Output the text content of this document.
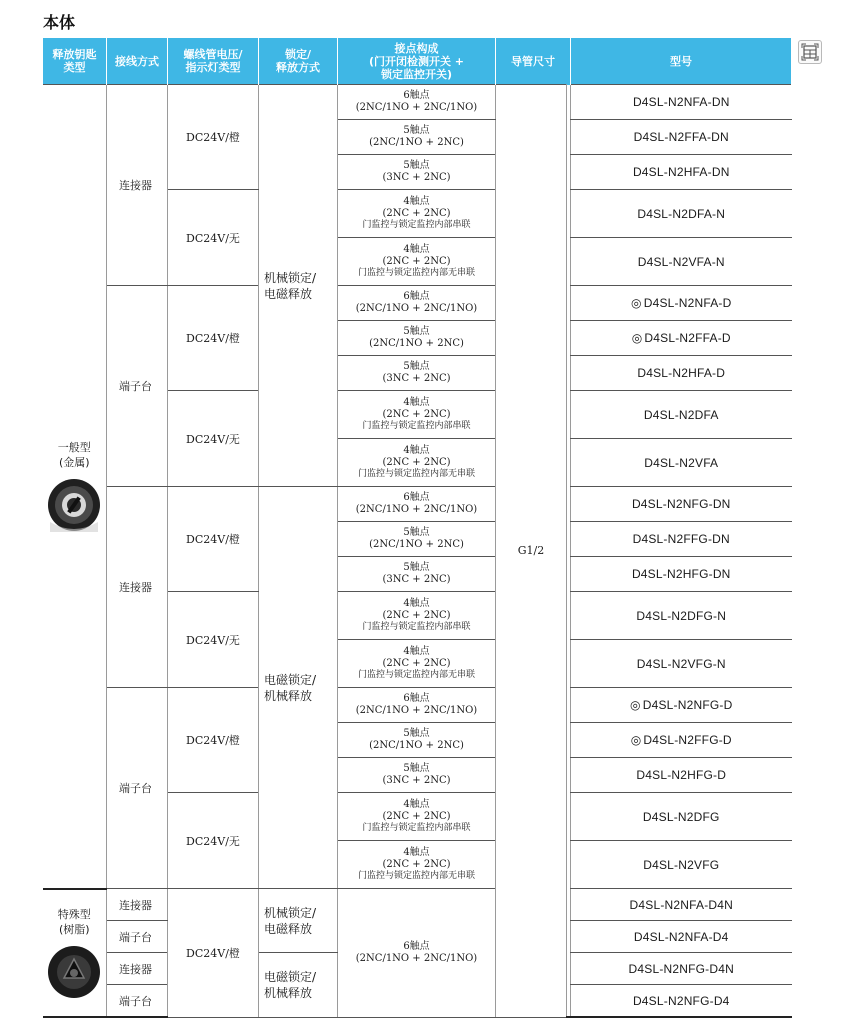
本体
释放钥匙
类型	接线方式	螺线管电压/
指示灯类型	锁定/
释放方式	接点构成
(门开闭检测开关 +
锁定监控开关)	导管尺寸		型号

一般型
(金属)	连接器	DC24V/橙	机械锁定/
电磁释放	6触点
(2NC/1NO + 2NC/1NO)	G1/2		D4SL-N2NFA-DN

				5触点
(2NC/1NO + 2NC)			D4SL-N2FFA-DN

				5触点
(3NC + 2NC)			D4SL-N2HFA-DN

		DC24V/无		4触点
(2NC + 2NC)
门监控与锁定监控内部串联			D4SL-N2DFA-N

				4触点
(2NC + 2NC)
门监控与锁定监控内部无串联			D4SL-N2VFA-N

	端子台	DC24V/橙		6触点
(2NC/1NO + 2NC/1NO)			◎ D4SL-N2NFA-D

				5触点
(2NC/1NO + 2NC)			◎ D4SL-N2FFA-D

				5触点
(3NC + 2NC)			D4SL-N2HFA-D

		DC24V/无		4触点
(2NC + 2NC)
门监控与锁定监控内部串联			D4SL-N2DFA

				4触点
(2NC + 2NC)
门监控与锁定监控内部无串联			D4SL-N2VFA

	连接器	DC24V/橙	电磁锁定/
机械释放	6触点
(2NC/1NO + 2NC/1NO)			D4SL-N2NFG-DN

				5触点
(2NC/1NO + 2NC)			D4SL-N2FFG-DN

				5触点
(3NC + 2NC)			D4SL-N2HFG-DN

		DC24V/无		4触点
(2NC + 2NC)
门监控与锁定监控内部串联			D4SL-N2DFG-N

				4触点
(2NC + 2NC)
门监控与锁定监控内部无串联			D4SL-N2VFG-N

	端子台	DC24V/橙		6触点
(2NC/1NO + 2NC/1NO)			◎ D4SL-N2NFG-D

				5触点
(2NC/1NO + 2NC)			◎ D4SL-N2FFG-D

				5触点
(3NC + 2NC)			D4SL-N2HFG-D

		DC24V/无		4触点
(2NC + 2NC)
门监控与锁定监控内部串联			D4SL-N2DFG

				4触点
(2NC + 2NC)
门监控与锁定监控内部无串联			D4SL-N2VFG

特殊型
(树脂)	连接器	DC24V/橙	机械锁定/
电磁释放	6触点
(2NC/1NO + 2NC/1NO)			D4SL-N2NFA-D4N

	端子台						D4SL-N2NFA-D4

	连接器		电磁锁定/
机械释放				D4SL-N2NFG-D4N

	端子台						D4SL-N2NFG-D4
